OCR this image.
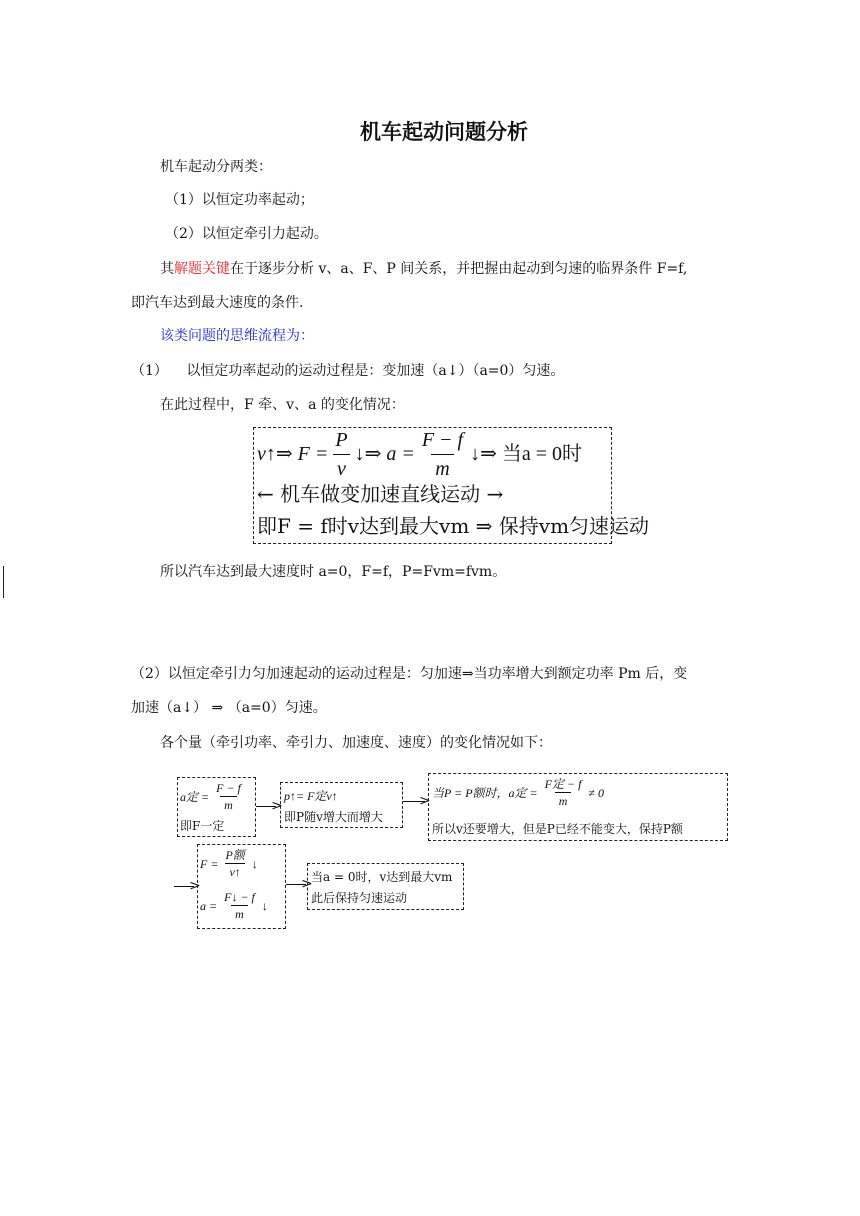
机车起动问题分析
机车起动分两类：
（1）以恒定功率起动；
（2）以恒定牵引力起动。
其解题关键在于逐步分析 v、a、F、P 间关系，并把握由起动到匀速的临界条件 F=f,
即汽车达到最大速度的条件.
该类问题的思维流程为：
（1） 以恒定功率起动的运动过程是：变加速（a↓）（a=0）匀速。
在此过程中，F 牵、v、a 的变化情况：
v↑⇒ $F = \frac{P}{v}$ ↓⇒ $a = \frac{F - f}{m}$ ↓⇒ 当a = 0时
← 机车做变加速直线运动 →
即F = f时v达到最大vm ⇒ 保持vm匀速运动
所以汽车达到最大速度时 a=0，F=f，P=Fvm=fvm。
（2）以恒定牵引力匀加速起动的运动过程是：匀加速⇒当功率增大到额定功率 Pm 后，变
加速（a↓） ⇒ （a=0）匀速。
各个量（牵引功率、牵引力、加速度、速度）的变化情况如下：
a定 = $\frac{F - f}{m}$
即F一定
>
p↑= F定v↑
即P随v增大而增大
>
当P = P额时，a定 = $\frac{\text{F定 − f}}{m} \ne 0$
所以v还要增大，但是P已经不能变大，保持P额
>
$F = \frac{\text{P额}}{v↑}$ ↓
$a = \frac{F↓ - f}{m}$ ↓
>
当a = 0时，v达到最大vm
此后保持匀速运动
